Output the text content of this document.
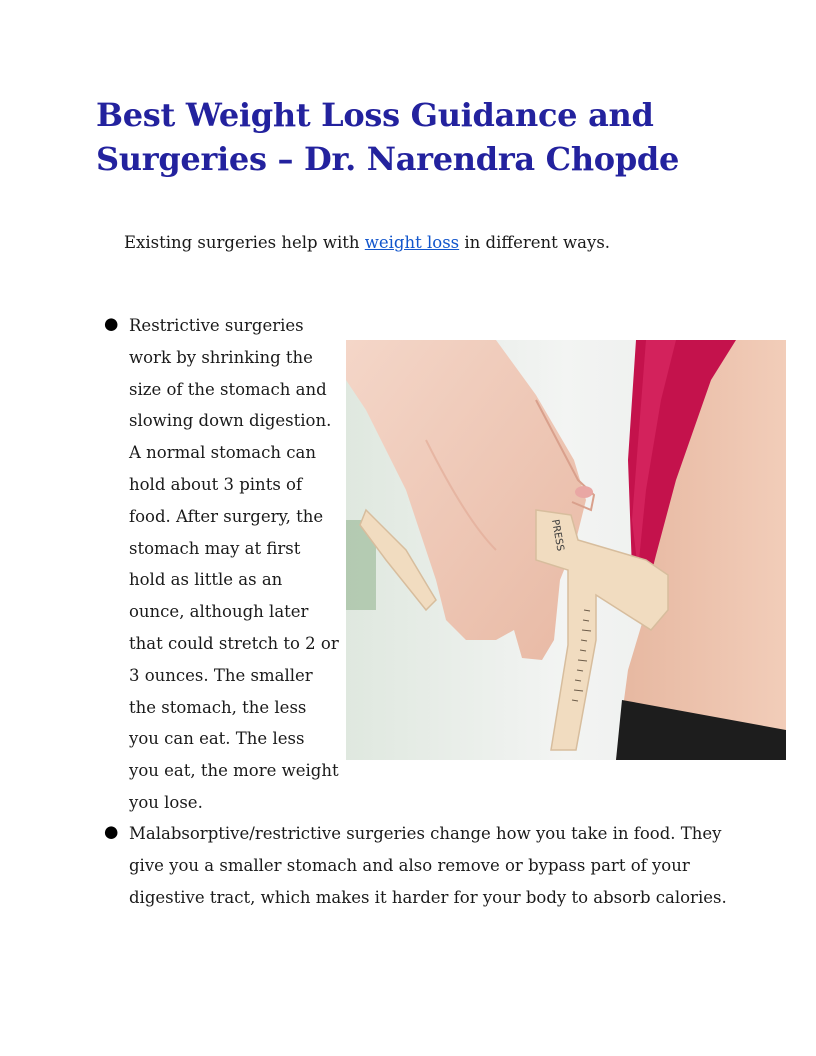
Best Weight Loss Guidance and Surgeries – Dr. Narendra Chopde

Existing surgeries help with weight loss in different ways.

● Restrictive surgeries work by shrinking the size of the stomach and slowing down digestion. A normal stomach can hold about 3 pints of food. After surgery, the stomach may at first hold as little as an ounce, although later that could stretch to 2 or 3 ounces. The smaller the stomach, the less you can eat. The less you eat, the more weight you lose.

PRESS
● Malabsorptive/restrictive surgeries change how you take in food. They give you a smaller stomach and also remove or bypass part of your digestive tract, which makes it harder for your body to absorb calories.
